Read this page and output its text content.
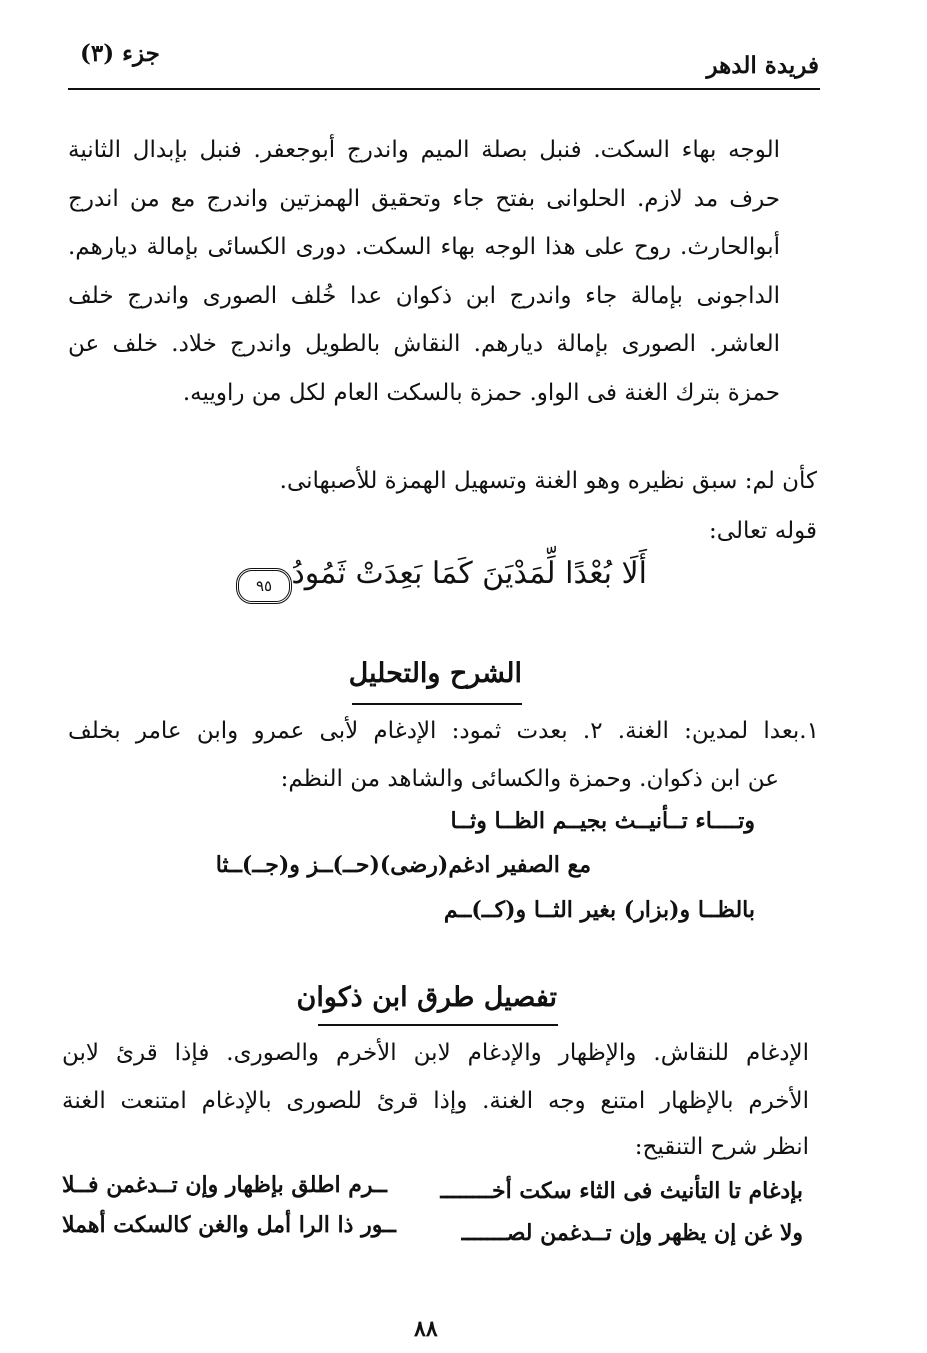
فريدة الدهر
جزء (٣)
الوجه بهاء السكت. فنبل بصلة الميم واندرج أبوجعفر. فنبل بإبدال الثانية حرف مد لازم. الحلوانى بفتح جاء وتحقيق الهمزتين واندرج مع من اندرج أبوالحارث. روح على هذا الوجه بهاء السكت. دورى الكسائى بإمالة ديارهم. الداجونى بإمالة جاء واندرج ابن ذكوان عدا خُلف الصورى واندرج خلف العاشر. الصورى بإمالة ديارهم. النقاش بالطويل واندرج خلاد. خلف عن حمزة بترك الغنة فى الواو. حمزة بالسكت العام لكل من راوييه.
كأن لم: سبق نظيره وهو الغنة وتسهيل الهمزة للأصبهانى.
قوله تعالى:
أَلَا بُعْدًا لِّمَدْيَنَ كَمَا بَعِدَتْ ثَمُودُ
٩٥
الشرح والتحليل
١.بعدا لمدين: الغنة. ٢. بعدت ثمود: الإدغام لأبى عمرو وابن عامر بخلف
عن ابن ذكوان. وحمزة والكسائى والشاهد من النظم:
وتــــاء تــأنيــث بجيــم الظــا وثــا
مع الصفير ادغم(رضى)(حــ)ــز و(جــ)ــثا
بالظــا و(بزار) بغير الثــا و(كــ)ــم
تفصيل طرق ابن ذكوان
الإدغام للنقاش. والإظهار والإدغام لابن الأخرم والصورى. فإذا قرئ لابن
الأخرم بالإظهار امتنع وجه الغنة. وإذا قرئ للصورى بالإدغام امتنعت الغنة
انظر شرح التنقيح:
بإدغام تا التأنيث فى الثاء سكت أخــــــــ
ــرم اطلق بإظهار وإن تــدغمن فــلا
ولا غن إن يظهر وإن تــدغمن لصـــــــ
ــور ذا الرا أمل والغن كالسكت أهملا
٨٨
